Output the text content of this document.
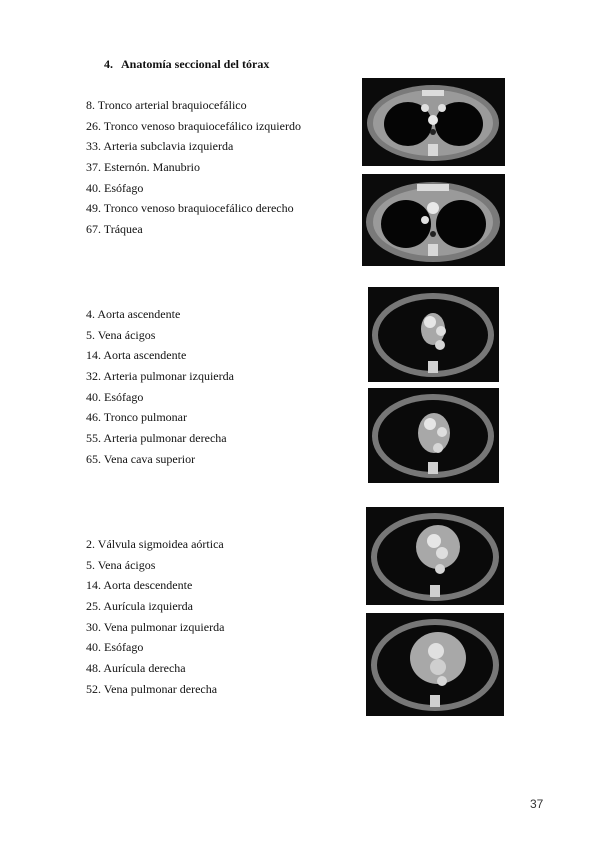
4. Anatomía seccional del tórax
8. Tronco arterial braquiocefálico
26. Tronco venoso braquiocefálico izquierdo
33. Arteria subclavia izquierda
37. Esternón. Manubrio
40. Esófago
49. Tronco venoso braquiocefálico derecho
67. Tráquea
4. Aorta ascendente
5. Vena ácigos
14. Aorta ascendente
32. Arteria pulmonar izquierda
40. Esófago
46. Tronco pulmonar
55. Arteria pulmonar derecha
65. Vena cava superior
2. Válvula sigmoidea aórtica
5. Vena ácigos
14. Aorta descendente
25. Aurícula izquierda
30. Vena pulmonar izquierda
40. Esófago
48. Aurícula derecha
52. Vena pulmonar derecha
37
